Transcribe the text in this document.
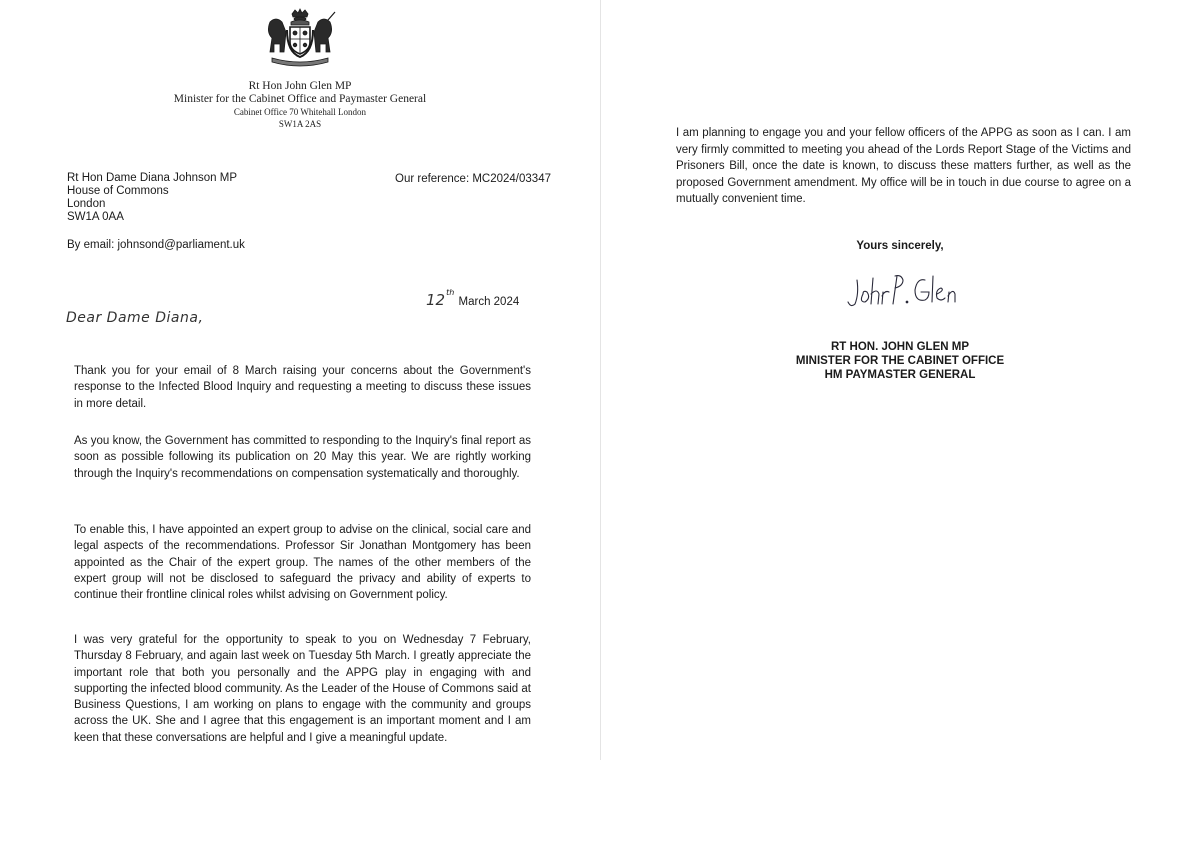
Rt Hon John Glen MP
Minister for the Cabinet Office and Paymaster General
Cabinet Office 70 Whitehall London
SW1A 2AS
Rt Hon Dame Diana Johnson MP
House of Commons
London
SW1A 0AA
Our reference: MC2024/03347
By email: johnsond@parliament.uk
12th March 2024
Dear Dame Diana,

Thank you for your email of 8 March raising your concerns about the Government's response to the Infected Blood Inquiry and requesting a meeting to discuss these issues in more detail.

As you know, the Government has committed to responding to the Inquiry's final report as soon as possible following its publication on 20 May this year. We are rightly working through the Inquiry's recommendations on compensation systematically and thoroughly.

To enable this, I have appointed an expert group to advise on the clinical, social care and legal aspects of the recommendations. Professor Sir Jonathan Montgomery has been appointed as the Chair of the expert group. The names of the other members of the expert group will not be disclosed to safeguard the privacy and ability of experts to continue their frontline clinical roles whilst advising on Government policy.

I was very grateful for the opportunity to speak to you on Wednesday 7 February, Thursday 8 February, and again last week on Tuesday 5th March. I greatly appreciate the important role that both you personally and the APPG play in engaging with and supporting the infected blood community. As the Leader of the House of Commons said at Business Questions, I am working on plans to engage with the community and groups across the UK. She and I agree that this engagement is an important moment and I am keen that these conversations are helpful and I give a meaningful update.

I am planning to engage you and your fellow officers of the APPG as soon as I can. I am very firmly committed to meeting you ahead of the Lords Report Stage of the Victims and Prisoners Bill, once the date is known, to discuss these matters further, as well as the proposed Government amendment. My office will be in touch in due course to agree on a mutually convenient time.

Yours sincerely,
RT HON. JOHN GLEN MP
MINISTER FOR THE CABINET OFFICE
HM PAYMASTER GENERAL
